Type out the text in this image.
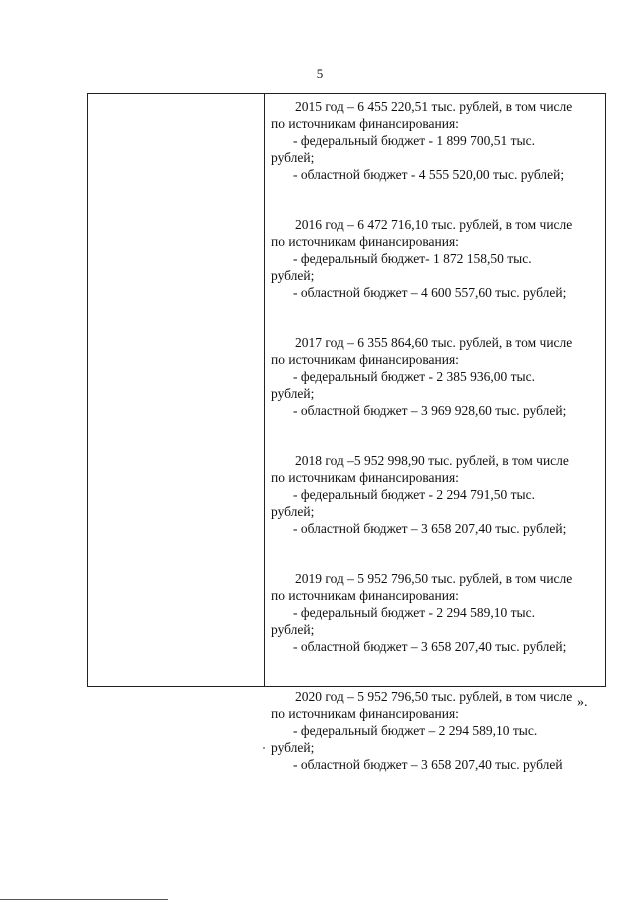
5
2015 год – 6 455 220,51 тыс. рублей, в том числе
по источникам финансирования:
- федеральный бюджет - 1 899 700,51 тыс.
рублей;
- областной бюджет - 4 555 520,00 тыс. рублей;
2016 год – 6 472 716,10 тыс. рублей, в том числе
по источникам финансирования:
- федеральный бюджет- 1 872 158,50 тыс.
рублей;
- областной бюджет – 4 600 557,60 тыс. рублей;
2017 год – 6 355 864,60 тыс. рублей, в том числе
по источникам финансирования:
- федеральный бюджет - 2 385 936,00 тыс.
рублей;
- областной бюджет – 3 969 928,60 тыс. рублей;
2018 год –5 952 998,90 тыс. рублей, в том числе
по источникам финансирования:
- федеральный бюджет - 2 294 791,50 тыс.
рублей;
- областной бюджет – 3 658 207,40 тыс. рублей;
2019 год – 5 952 796,50 тыс. рублей, в том числе
по источникам финансирования:
- федеральный бюджет - 2 294 589,10 тыс.
рублей;
- областной бюджет – 3 658 207,40 тыс. рублей;
2020 год – 5 952 796,50 тыс. рублей, в том числе
по источникам финансирования:
- федеральный бюджет – 2 294 589,10 тыс.
рублей;
- областной бюджет – 3 658 207,40 тыс. рублей
».
